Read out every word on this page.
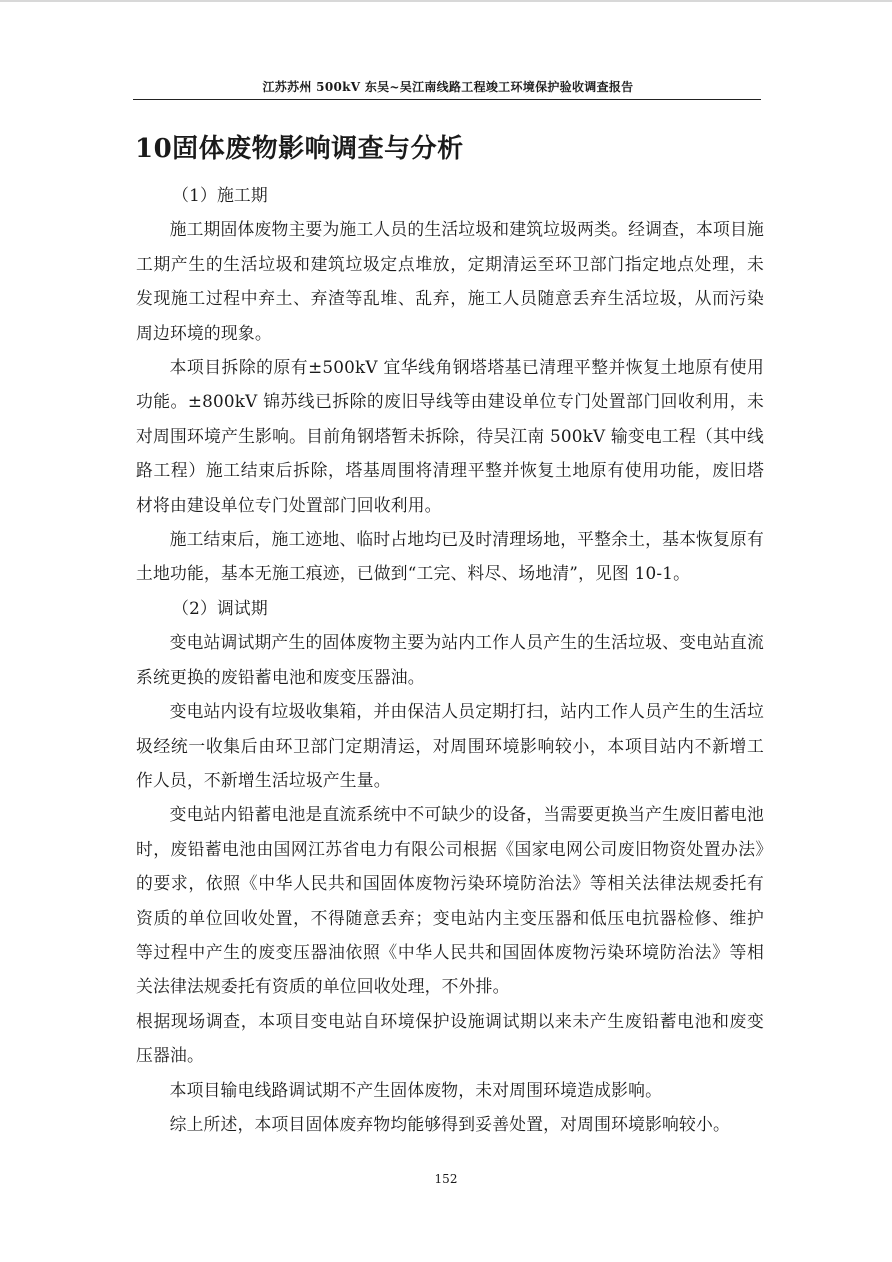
江苏苏州 500kV 东吴~吴江南线路工程竣工环境保护验收调查报告
10固体废物影响调查与分析

（1）施工期

施工期固体废物主要为施工人员的生活垃圾和建筑垃圾两类。经调查，本项目施工期产生的生活垃圾和建筑垃圾定点堆放，定期清运至环卫部门指定地点处理，未发现施工过程中弃土、弃渣等乱堆、乱弃，施工人员随意丢弃生活垃圾，从而污染周边环境的现象。

本项目拆除的原有±500kV 宜华线角钢塔塔基已清理平整并恢复土地原有使用功能。±800kV 锦苏线已拆除的废旧导线等由建设单位专门处置部门回收利用，未对周围环境产生影响。目前角钢塔暂未拆除，待吴江南 500kV 输变电工程（其中线路工程）施工结束后拆除，塔基周围将清理平整并恢复土地原有使用功能，废旧塔材将由建设单位专门处置部门回收利用。

施工结束后，施工迹地、临时占地均已及时清理场地，平整余土，基本恢复原有土地功能，基本无施工痕迹，已做到“工完、料尽、场地清”，见图 10-1。

（2）调试期

变电站调试期产生的固体废物主要为站内工作人员产生的生活垃圾、变电站直流系统更换的废铅蓄电池和废变压器油。

变电站内设有垃圾收集箱，并由保洁人员定期打扫，站内工作人员产生的生活垃圾经统一收集后由环卫部门定期清运，对周围环境影响较小，本项目站内不新增工作人员，不新增生活垃圾产生量。

变电站内铅蓄电池是直流系统中不可缺少的设备，当需要更换当产生废旧蓄电池时，废铅蓄电池由国网江苏省电力有限公司根据《国家电网公司废旧物资处置办法》的要求，依照《中华人民共和国固体废物污染环境防治法》等相关法律法规委托有资质的单位回收处置，不得随意丢弃；变电站内主变压器和低压电抗器检修、维护等过程中产生的废变压器油依照《中华人民共和国固体废物污染环境防治法》等相关法律法规委托有资质的单位回收处理，不外排。

根据现场调查，本项目变电站自环境保护设施调试期以来未产生废铅蓄电池和废变压器油。

本项目输电线路调试期不产生固体废物，未对周围环境造成影响。

综上所述，本项目固体废弃物均能够得到妥善处置，对周围环境影响较小。

152
